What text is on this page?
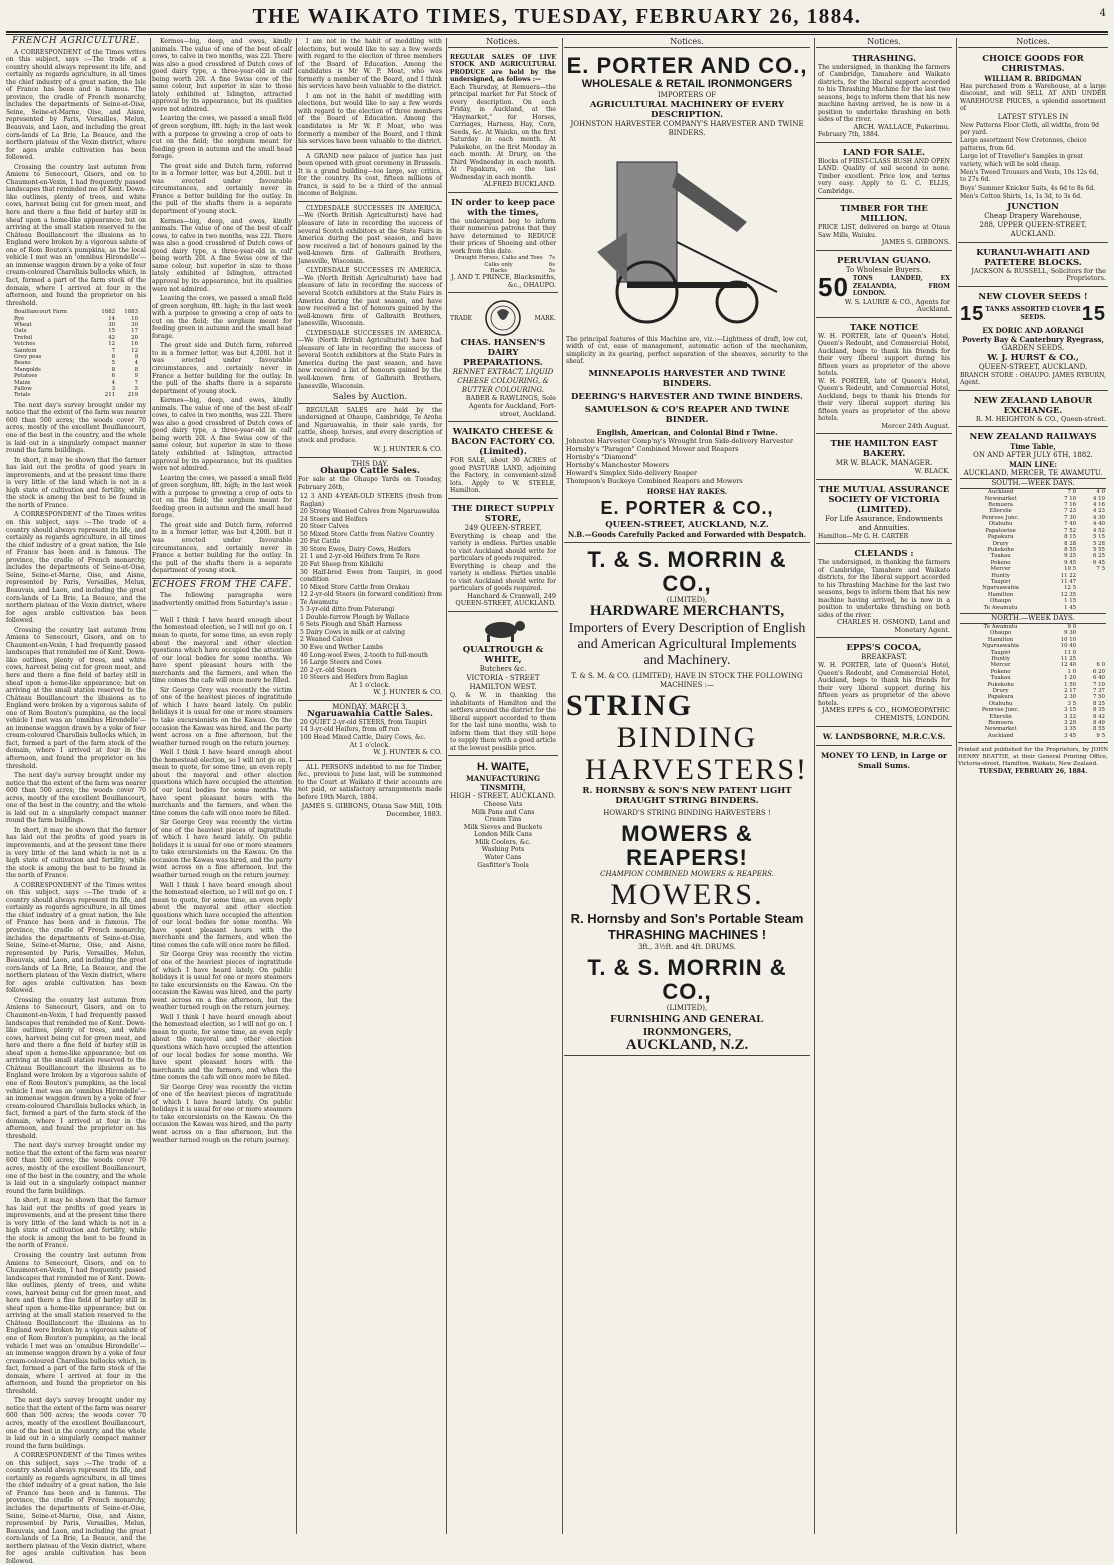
THE WAIKATO TIMES, TUESDAY, FEBRUARY 26, 1884.	4
FRENCH AGRICULTURE.

A CORRESPONDENT of the Times writes on this subject, says :—The trade of a country should always represent its life, and certainly as regards agriculture, in all times the chief industry of a great nation, the Isle of France has been and is famous. The province, the cradle of French monarchy, includes the departments of Seine-et-Oise, Seine, Seine-et-Marne, Oise, and Aisne, represented by Paris, Versailles, Melun, Beauvais, and Laon, and including the great corn-lands of La Brie, La Beauce, and the northern plateau of the Vexin district, where for ages arable cultivation has been followed.

Crossing the country last autumn from Amiens to Senecourt, Gisors, and on to Chaumont-en-Vexin, I had frequently passed landscapes that reminded me of Kent. Down-like outlines, plenty of trees, and white cows, harvest being cut for green meat, and here and there a fine field of barley still in sheaf upon a home-like appearance; but on arriving at the small station reserved to the Château Bouillancourt the illusions as to England were broken by a vigorous salute of one of Rom Bouton's pumpkins, as the local vehicle I met was an 'omnibus Hirondelle'—an immense waggon drawn by a yoke of four cream-coloured Charollais bullocks which, in fact, formed a part of the farm stock of the domain, where I arrived at four in the afternoon, and found the proprietor on his threshold.

Bouillancourt Farm	1882	1883
Rye	14	10
Wheat	30	30
Oats	15	17
Trefoil	42	20
Vetches	12	16
Sainfoin	7	12
Grey peas	8	9
Beans	5	4
Mangolds	8	8
Potatoes	6	9
Maize	4	7
Fallow	3	5
Totals	211	219

The next day's survey brought under my notice that the extent of the farm was nearer 600 than 500 acres; the woods cover 70 acres, mostly of the excellent Bouillancourt, one of the best in the country, and the whole is laid out in a singularly compact manner round the farm buildings.

In short, it may be shown that the farmer has laid out the profits of good years in improvements, and at the present time there is very little of the land which is not in a high state of cultivation and fertility, while the stock is among the best to be found in the north of France.

A CORRESPONDENT of the Times writes on this subject, says :—The trade of a country should always represent its life, and certainly as regards agriculture, in all times the chief industry of a great nation, the Isle of France has been and is famous. The province, the cradle of French monarchy, includes the departments of Seine-et-Oise, Seine, Seine-et-Marne, Oise, and Aisne, represented by Paris, Versailles, Melun, Beauvais, and Laon, and including the great corn-lands of La Brie, La Beauce, and the northern plateau of the Vexin district, where for ages arable cultivation has been followed.

Crossing the country last autumn from Amiens to Senecourt, Gisors, and on to Chaumont-en-Vexin, I had frequently passed landscapes that reminded me of Kent. Down-like outlines, plenty of trees, and white cows, harvest being cut for green meat, and here and there a fine field of barley still in sheaf upon a home-like appearance; but on arriving at the small station reserved to the Château Bouillancourt the illusions as to England were broken by a vigorous salute of one of Rom Bouton's pumpkins, as the local vehicle I met was an 'omnibus Hirondelle'—an immense waggon drawn by a yoke of four cream-coloured Charollais bullocks which, in fact, formed a part of the farm stock of the domain, where I arrived at four in the afternoon, and found the proprietor on his threshold.

The next day's survey brought under my notice that the extent of the farm was nearer 600 than 500 acres; the woods cover 70 acres, mostly of the excellent Bouillancourt, one of the best in the country, and the whole is laid out in a singularly compact manner round the farm buildings.

In short, it may be shown that the farmer has laid out the profits of good years in improvements, and at the present time there is very little of the land which is not in a high state of cultivation and fertility, while the stock is among the best to be found in the north of France.

A CORRESPONDENT of the Times writes on this subject, says :—The trade of a country should always represent its life, and certainly as regards agriculture, in all times the chief industry of a great nation, the Isle of France has been and is famous. The province, the cradle of French monarchy, includes the departments of Seine-et-Oise, Seine, Seine-et-Marne, Oise, and Aisne, represented by Paris, Versailles, Melun, Beauvais, and Laon, and including the great corn-lands of La Brie, La Beauce, and the northern plateau of the Vexin district, where for ages arable cultivation has been followed.

Crossing the country last autumn from Amiens to Senecourt, Gisors, and on to Chaumont-en-Vexin, I had frequently passed landscapes that reminded me of Kent. Down-like outlines, plenty of trees, and white cows, harvest being cut for green meat, and here and there a fine field of barley still in sheaf upon a home-like appearance; but on arriving at the small station reserved to the Château Bouillancourt the illusions as to England were broken by a vigorous salute of one of Rom Bouton's pumpkins, as the local vehicle I met was an 'omnibus Hirondelle'—an immense waggon drawn by a yoke of four cream-coloured Charollais bullocks which, in fact, formed a part of the farm stock of the domain, where I arrived at four in the afternoon, and found the proprietor on his threshold.

The next day's survey brought under my notice that the extent of the farm was nearer 600 than 500 acres; the woods cover 70 acres, mostly of the excellent Bouillancourt, one of the best in the country, and the whole is laid out in a singularly compact manner round the farm buildings.

In short, it may be shown that the farmer has laid out the profits of good years in improvements, and at the present time there is very little of the land which is not in a high state of cultivation and fertility, while the stock is among the best to be found in the north of France.

Crossing the country last autumn from Amiens to Senecourt, Gisors, and on to Chaumont-en-Vexin, I had frequently passed landscapes that reminded me of Kent. Down-like outlines, plenty of trees, and white cows, harvest being cut for green meat, and here and there a fine field of barley still in sheaf upon a home-like appearance; but on arriving at the small station reserved to the Château Bouillancourt the illusions as to England were broken by a vigorous salute of one of Rom Bouton's pumpkins, as the local vehicle I met was an 'omnibus Hirondelle'—an immense waggon drawn by a yoke of four cream-coloured Charollais bullocks which, in fact, formed a part of the farm stock of the domain, where I arrived at four in the afternoon, and found the proprietor on his threshold.

The next day's survey brought under my notice that the extent of the farm was nearer 600 than 500 acres; the woods cover 70 acres, mostly of the excellent Bouillancourt, one of the best in the country, and the whole is laid out in a singularly compact manner round the farm buildings.

A CORRESPONDENT of the Times writes on this subject, says :—The trade of a country should always represent its life, and certainly as regards agriculture, in all times the chief industry of a great nation, the Isle of France has been and is famous. The province, the cradle of French monarchy, includes the departments of Seine-et-Oise, Seine, Seine-et-Marne, Oise, and Aisne, represented by Paris, Versailles, Melun, Beauvais, and Laon, and including the great corn-lands of La Brie, La Beauce, and the northern plateau of the Vexin district, where for ages arable cultivation has been followed.

Kermes—big, deep, and ewes, kindly animals. The value of one of the best of-calf cows, to calve in two months, was 22l. There was also a good crossbred of Dutch cows of good dairy type, a three-year-old in calf being worth 20l. A fine Swiss cow of the same colour, but superior in size to those lately exhibited at Islington, attracted approval by its appearance, but its qualities were not admired.

Leaving the cows, we passed a small field of green sorghum, 8ft. high; in the last week with a purpose to growing a crop of oats to cut on the field; the sorghum meant for feeding green in autumn and the small head forage.

The great side and Dutch farm, referred to in a former letter, was but 4,200l. but it was erected under favourable circumstances, and certainly never in France a better building for the outlay. In the pull of the shafts there is a separate department of young stock.

Kermes—big, deep, and ewes, kindly animals. The value of one of the best of-calf cows, to calve in two months, was 22l. There was also a good crossbred of Dutch cows of good dairy type, a three-year-old in calf being worth 20l. A fine Swiss cow of the same colour, but superior in size to those lately exhibited at Islington, attracted approval by its appearance, but its qualities were not admired.

Leaving the cows, we passed a small field of green sorghum, 8ft. high; in the last week with a purpose to growing a crop of oats to cut on the field; the sorghum meant for feeding green in autumn and the small head forage.

The great side and Dutch farm, referred to in a former letter, was but 4,200l. but it was erected under favourable circumstances, and certainly never in France a better building for the outlay. In the pull of the shafts there is a separate department of young stock.

Kermes—big, deep, and ewes, kindly animals. The value of one of the best of-calf cows, to calve in two months, was 22l. There was also a good crossbred of Dutch cows of good dairy type, a three-year-old in calf being worth 20l. A fine Swiss cow of the same colour, but superior in size to those lately exhibited at Islington, attracted approval by its appearance, but its qualities were not admired.

Leaving the cows, we passed a small field of green sorghum, 8ft. high; in the last week with a purpose to growing a crop of oats to cut on the field; the sorghum meant for feeding green in autumn and the small head forage.

The great side and Dutch farm, referred to in a former letter, was but 4,200l. but it was erected under favourable circumstances, and certainly never in France a better building for the outlay. In the pull of the shafts there is a separate department of young stock.

ECHOES FROM THE CAFE.

The following paragraphs were inadvertently omitted from Saturday's issue :—

Well I think I have heard enough about the homestead election, so I will not go on. I mean to quote, for some time, an even reply about the mayoral and other election questions which have occupied the attention of our local bodies for some months. We have spent pleasant hours with the merchants and the farmers, and when the time comes the cafe will once more be filled.

Sir George Grey was recently the victim of one of the heaviest pieces of ingratitude of which I have heard lately. On public holidays it is usual for one or more steamers to take excursionists on the Kawau. On the occasion the Kawau was hired, and the party went across on a fine afternoon, but the weather turned rough on the return journey.

Well I think I have heard enough about the homestead election, so I will not go on. I mean to quote, for some time, an even reply about the mayoral and other election questions which have occupied the attention of our local bodies for some months. We have spent pleasant hours with the merchants and the farmers, and when the time comes the cafe will once more be filled.

Sir George Grey was recently the victim of one of the heaviest pieces of ingratitude of which I have heard lately. On public holidays it is usual for one or more steamers to take excursionists on the Kawau. On the occasion the Kawau was hired, and the party went across on a fine afternoon, but the weather turned rough on the return journey.

Well I think I have heard enough about the homestead election, so I will not go on. I mean to quote, for some time, an even reply about the mayoral and other election questions which have occupied the attention of our local bodies for some months. We have spent pleasant hours with the merchants and the farmers, and when the time comes the cafe will once more be filled.

Sir George Grey was recently the victim of one of the heaviest pieces of ingratitude of which I have heard lately. On public holidays it is usual for one or more steamers to take excursionists on the Kawau. On the occasion the Kawau was hired, and the party went across on a fine afternoon, but the weather turned rough on the return journey.

Well I think I have heard enough about the homestead election, so I will not go on. I mean to quote, for some time, an even reply about the mayoral and other election questions which have occupied the attention of our local bodies for some months. We have spent pleasant hours with the merchants and the farmers, and when the time comes the cafe will once more be filled.

Sir George Grey was recently the victim of one of the heaviest pieces of ingratitude of which I have heard lately. On public holidays it is usual for one or more steamers to take excursionists on the Kawau. On the occasion the Kawau was hired, and the party went across on a fine afternoon, but the weather turned rough on the return journey.

I am not in the habit of meddling with elections, but would like to say a few words with regard to the election of three members of the Board of Education. Among the candidates is Mr W. P. Moat, who was formerly a member of the Board, and I think his services have been valuable to the district.

I am not in the habit of meddling with elections, but would like to say a few words with regard to the election of three members of the Board of Education. Among the candidates is Mr W. P. Moat, who was formerly a member of the Board, and I think his services have been valuable to the district.

A GRAND new palace of justice has just been opened with great ceremony in Brussels. It is a grand building—too large, say critics, for the country. Its cost, fifteen millions of francs, is said to be a third of the annual income of Belgium.

CLYDESDALE SUCCESSES IN AMERICA.—We (North British Agriculturist) have had pleasure of late in recording the success of several Scotch exhibitors at the State Fairs in America during the past season, and have now received a list of honours gained by the well-known firm of Galbraith Brothers, Janesville, Wisconsin.

CLYDESDALE SUCCESSES IN AMERICA.—We (North British Agriculturist) have had pleasure of late in recording the success of several Scotch exhibitors at the State Fairs in America during the past season, and have now received a list of honours gained by the well-known firm of Galbraith Brothers, Janesville, Wisconsin.

CLYDESDALE SUCCESSES IN AMERICA.—We (North British Agriculturist) have had pleasure of late in recording the success of several Scotch exhibitors at the State Fairs in America during the past season, and have now received a list of honours gained by the well-known firm of Galbraith Brothers, Janesville, Wisconsin.

Sales by Auction.

REGULAR SALES are held by the undersigned at Ohaupo, Cambridge, Te Aroha and Ngaruawahia, in their sale yards, for cattle, sheep, horses, and every description of stock and produce.

W. J. HUNTER & CO.
THIS DAY.
Ohaupo Cattle Sales.

For sale at the Ohaupo Yards on Tuesday, February 26th,

12 3 AND 4-YEAR-OLD STEERS (fresh from Raglan)
20 Strong Weaned Calves from Ngaruawahia
24 Steers and Heifers
20 Steer Calves
50 Mixed Store Cattle from Native Country
20 Fat Cattle
30 Store Ewes, Dairy Cows, Heifers
21 1 and 2-yr-old Heifers from Te Rore
20 Fat Sheep from Kihikihi
30 Half-bred Ewes from Taupiri, in good condition
10 Mixed Store Cattle from Orakau
12 2-yr-old Steers (in forward condition) from Te Awamutu
5 3-yr-old ditto from Paterangi
1 Double-furrow Plough by Wallace
6 Sets Plough and Shaft Harness
5 Dairy Cows in milk or at calving
2 Weaned Calves
30 Ewe and Wether Lambs
40 Long-wool Ewes, 2-tooth to full-mouth
16 Large Steers and Cows
20 2-yr.-old Steers
10 Steers and Heifers from Raglan
At 1 o'clock.
W. J. HUNTER & CO.
MONDAY, MARCH 3.
Ngaruawahia Cattle Sales.
20 QUIET 2-yr-old STEERS, from Taupiri
14 3-yr-old Heifers, from off run
100 Head Mixed Cattle, Dairy Cows, &c.
At 1 o'clock.
W. J. HUNTER & CO.

ALL PERSONS indebted to me for Timber, &c., previous to June last, will be summoned to the Court at Waikato if their accounts are not paid, or satisfactory arrangements made before 19th March, 1884.

JAMES S. GIBBONS, Otaua Saw Mill, 10th December, 1883.
Notices.
REGULAR SALES OF LIVE STOCK AND AGRICULTURAL PRODUCE are held by the undersigned, as follows :—
Each Thursday, at Remuera—the principal market for Fat Stock of every description. On each Friday, in Auckland, at the "Haymarket," for Horses, Carriages, Harness, Hay, Corn, Seeds, &c. At Waiuku, on the first Saturday in each month. At Pukekohe, on the first Monday in each month. At Drury, on the Third Wednesday in each month. At Papakura, on the last Wednesday in each month.
ALFRED BUCKLAND.
IN order to keep pace with the times,
the undersigned beg to inform their numerous patrons that they have determined to REDUCE their prices of Shoeing and other work from this date.
Draught Horses, Calks and Toes	7s
Calks only	6s
Hacks	5s
J. AND T. PRINCE, Blacksmiths, &c., OHAUPO.
TRADE	MARK.
CHAS. HANSEN'S DAIRY PREPARATIONS.
RENNET EXTRACT, LIQUID CHEESE COLOURING, & BUTTER COLOURING.
BABER & RAWLINGS, Sole Agents for Auckland, Fort-street, Auckland.
WAIKATO CHEESE & BACON FACTORY CO. (Limited).
FOR SALE, about 30 ACRES of good PASTURE LAND, adjoining the Factory, in convenient-sized lots. Apply to W. STEELE, Hamilton.
THE DIRECT SUPPLY STORE,
249 QUEEN-STREET,
Everything is cheap and the variety is endless. Parties unable to visit Auckland should write for particulars of goods required.
Everything is cheap and the variety is endless. Parties unable to visit Auckland should write for particulars of goods required.
Hanchard & Cranwell, 249 QUEEN-STREET, AUCKLAND.
QUALTROUGH & WHITE,
Butchers &c.
VICTORIA - STREET HAMILTON WEST.
Q. & W. in thanking the inhabitants of Hamilton and the settlers around the district for the liberal support accorded to them for the last nine months, wish to inform them that they still hope to supply them with a good article at the lowest possible price.
H. WAITE,
MANUFACTURING TINSMITH,
HIGH - STREET, AUCKLAND.
Cheese Vats
Milk Pans and Cans
Cream Tins
Milk Sieves and Buckets
London Milk Cans
Milk Coolers, &c.
Washing Pots
Water Cans
Gasfitter's Tools
Notices.
E. PORTER AND CO.,
WHOLESALE & RETAIL IRONMONGERS
IMPORTERS OF
AGRICULTURAL MACHINERY OF EVERY DESCRIPTION.
JOHNSTON HARVESTER COMPANY'S HARVESTER AND TWINE BINDERS.
The principal features of this Machine are, viz.:—Lightness of draft, low cut, width of cut, ease of management, automatic action of the mechanism, simplicity in its gearing, perfect separation of the sheaves, security to the sheaf.
MINNEAPOLIS HARVESTER AND TWINE BINDERS.
DEERING'S HARVESTER AND TWINE BINDERS.
SAMUELSON & CO'S REAPER AND TWINE BINDER.
English, American, and Colonial Bind r Twine.
Johnston Harvester Comp'ny's Wrought Iron Side-delivery Harvester
Hornsby's "Paragon" Combined Mower and Reapers
Hornsby's "Diamond"
Hornsby's Manchester Mowers
Howard's Simplex Side-delivery Reaper
Thompson's Buckeye Combined Reapers and Mowers
HORSE HAY RAKES.
E. PORTER & CO.,
QUEEN-STREET, AUCKLAND, N.Z.
N.B.—Goods Carefully Packed and Forwarded with Despatch.
T. & S. MORRIN & CO.,
(LIMITED),
HARDWARE MERCHANTS,
Importers of Every Description of English and American Agricultural Implements and Machinery.
T. & S. M. & CO. (LIMITED), HAVE IN STOCK THE FOLLOWING MACHINES :—
STRING
BINDING
HARVESTERS!
R. HORNSBY & SON'S NEW PATENT LIGHT DRAUGHT STRING BINDERS.
HOWARD'S STRING BINDING HARVESTERS !
MOWERS & REAPERS!
CHAMPION COMBINED MOWERS & REAPERS.
MOWERS.
R. Hornsby and Son's Portable Steam THRASHING MACHINES !
3ft., 3½ft. and 4ft. DRUMS.
T. & S. MORRIN & CO.,
(LIMITED),
FURNISHING AND GENERAL IRONMONGERS,
AUCKLAND, N.Z.
Notices.
THRASHING.
The undersigned, in thanking the farmers of Cambridge, Tamahere and Waikato districts, for the liberal support accorded to his Thrashing Machine for the last two seasons, begs to inform them that his new machine having arrived, he is now in a position to undertake thrashing on both sides of the river.
ARCH. WALLACE, Pukerimu.
February 7th, 1884.
LAND FOR SALE.
Blocks of FIRST-CLASS BUSH AND OPEN LAND. Quality of soil second to none. Timber excellent. Price low, and terms very easy. Apply to G. C. ELLIS, Cambridge.
TIMBER FOR THE MILLION.
PRICE LIST, delivered on barge at Otaua Saw Mills, Waiuku.
JAMES S. GIBBONS.
PERUVIAN GUANO.
To Wholesale Buyers.
50 TONS LANDED, EX ZEALANDIA, FROM LONDON.
W. S. LAURIE & CO., Agents for Auckland.
TAKE NOTICE
W. H. PORTER, late of Queen's Hotel, Queen's Redoubt, and Commercial Hotel, Auckland, begs to thank his friends for their very liberal support during his fifteen years as proprietor of the above hotels.
W. H. PORTER, late of Queen's Hotel, Queen's Redoubt, and Commercial Hotel, Auckland, begs to thank his friends for their very liberal support during his fifteen years as proprietor of the above hotels.
Mercer 24th August.
THE HAMILTON EAST BAKERY.
MR W. BLACK, MANAGER.
W. BLACK.
THE MUTUAL ASSURANCE SOCIETY OF VICTORIA (LIMITED).
For Life Assurance, Endowments and Annuities.
Hamilton—Mr G. H. CARTER
CLELANDS :
The undersigned, in thanking the farmers of Cambridge, Tamahere and Waikato districts, for the liberal support accorded to his Thrashing Machine for the last two seasons, begs to inform them that his new machine having arrived, he is now in a position to undertake thrashing on both sides of the river.
CHARLES H. OSMOND, Land and Monetary Agent.
EPPS'S COCOA,
BREAKFAST.
W. H. PORTER, late of Queen's Hotel, Queen's Redoubt, and Commercial Hotel, Auckland, begs to thank his friends for their very liberal support during his fifteen years as proprietor of the above hotels.
JAMES EPPS & CO., HOMOEOPATHIC CHEMISTS, LONDON.
W. LANDSBORNE, M.R.C.V.S.
MONEY TO LEND, in Large or Small Sums.
Notices.
CHOICE GOODS FOR CHRISTMAS.
WILLIAM R. BRIDGMAN
Has purchased from a Warehouse, at a large discount, and will SELL AT AND UNDER WAREHOUSE PRICES, a splendid assortment of
LATEST STYLES IN
New Patterns Floor Cloth, all widths, from 9d per yard.
Large assortment New Cretonnes, choice patterns, from 6d.
Large lot of Traveller's Samples in great variety, which will be sold cheap.
Men's Tweed Trousers and Vests, 10s 12s 6d, to 27s 6d.
Boys' Summer Knicker Suits, 4s 6d to 8s 6d.
Men's Cotton Shirts, 1s, 1s 3d, to 3s 6d.
JUNCTION
Cheap Drapery Warehouse,
288, UPPER QUEEN-STREET, AUCKLAND.
KURANUI-WHAITI AND PATETERE BLOCKS.
JACKSON & RUSSELL, Solicitors for the Proprietors.
NEW CLOVER SEEDS !
15 TANKS ASSORTED CLOVER SEEDS.	15
EX DORIC AND AORANGI
Poverty Bay & Canterbury Ryegrass,
GARDEN SEEDS.
W. J. HURST & CO.,
QUEEN-STREET, AUCKLAND.
BRANCH STORE : OHAUPO. JAMES RYBURN, Agent.
NEW ZEALAND LABOUR EXCHANGE.
R. M. HEIGHTON & CO., Queen-street.
NEW ZEALAND RAILWAYS
Time Table,
ON AND AFTER JULY 6TH, 1882.
MAIN LINE:
AUCKLAND, MERCER, TE AWAMUTU.
SOUTH.—WEEK DAYS.
Auckland	7 0	4 0
Newmarket	7 10	4 10
Remuera	7 16	4 16
Ellerslie	7 23	4 23
Penrose Junc.	7 30	4 30
Otahuhu	7 40	4 40
Papatoetoe	7 52	4 52
Papakura	8 15	5 15
Drury	8 28	5 28
Pukekohe	8 55	5 55
Tuakau	9 25	6 25
Pokeno	9 45	6 45
Mercer	10 5	7 5
Huntly	11 22	
Taupiri	11 47	
Ngaruawahia	12 5	
Hamilton	12 35	
Ohaupo	1 15	
Te Awamutu	1 45	
NORTH.—WEEK DAYS.
Te Awamutu	9 0	
Ohaupo	9 30	
Hamilton	10 10	
Ngaruawahia	10 40	
Taupiri	11 0	
Huntly	11 25	
Mercer	12 40	6 0
Pokeno	1 0	6 20
Tuakau	1 20	6 40
Pukekohe	1 50	7 10
Drury	2 17	7 37
Papakura	2 30	7 50
Otahuhu	3 5	8 25
Penrose Junc.	3 15	8 35
Ellerslie	3 22	8 42
Remuera	3 29	8 49
Newmarket	3 35	8 55
Auckland	3 45	9 5
Printed and published for the Proprietors, by JOHN HENRY BEATTIE, at their General Printing Office, Victoria-street, Hamilton, Waikato, New Zealand.
TUESDAY, FEBRUARY 26, 1884.
